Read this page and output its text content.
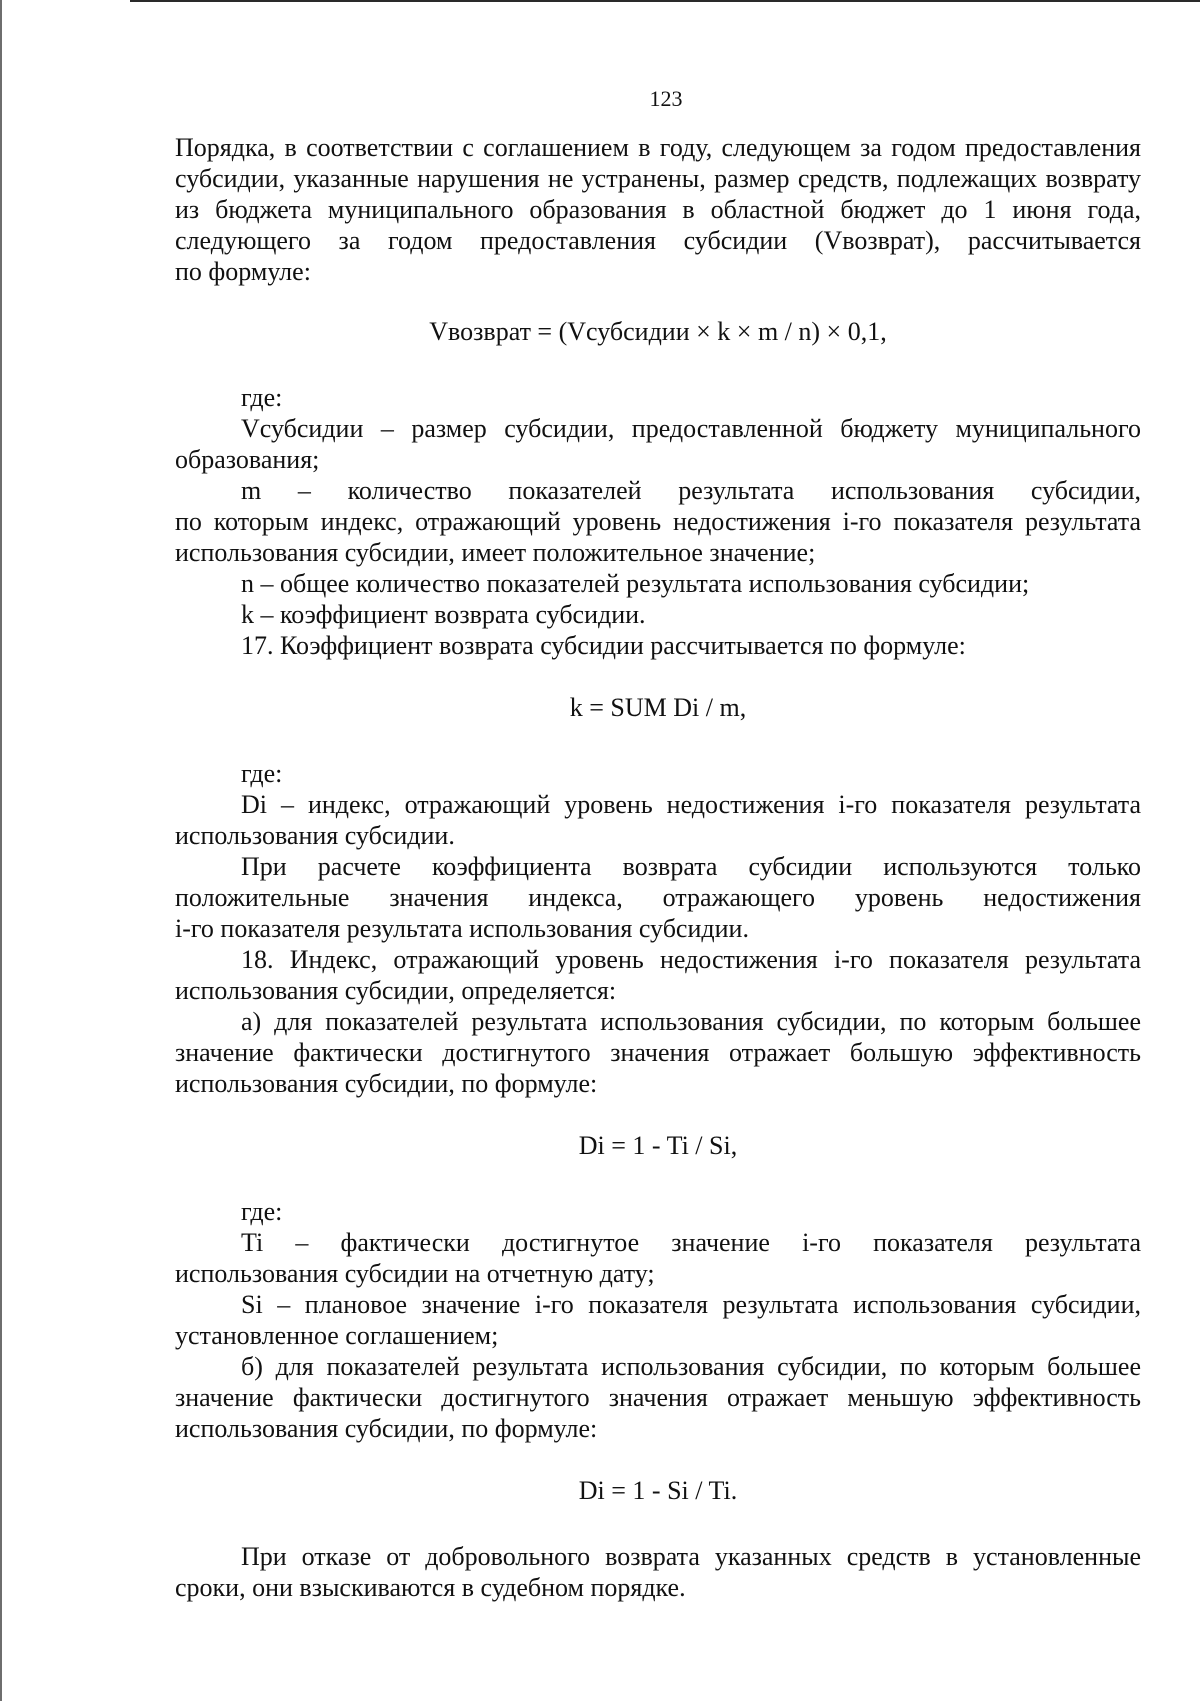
123

Порядка, в соответствии с соглашением в году, следующем за годом предоставления

субсидии, указанные нарушения не устранены, размер средств, подлежащих возврату

из бюджета муниципального образования в областной бюджет до 1 июня года,

следующего за годом предоставления субсидии (Vвозврат), рассчитывается

по формуле:

Vвозврат = (Vсубсидии × k × m / n) × 0,1,

где:

Vсубсидии – размер субсидии, предоставленной бюджету муниципального

образования;

m – количество показателей результата использования субсидии,

по которым индекс, отражающий уровень недостижения i-го показателя результата

использования субсидии, имеет положительное значение;

n – общее количество показателей результата использования субсидии;

k – коэффициент возврата субсидии.

17. Коэффициент возврата субсидии рассчитывается по формуле:

k = SUM Di / m,

где:

Di – индекс, отражающий уровень недостижения i-го показателя результата

использования субсидии.

При расчете коэффициента возврата субсидии используются только

положительные значения индекса, отражающего уровень недостижения

i-го показателя результата использования субсидии.

18. Индекс, отражающий уровень недостижения i-го показателя результата

использования субсидии, определяется:

а) для показателей результата использования субсидии, по которым большее

значение фактически достигнутого значения отражает большую эффективность

использования субсидии, по формуле:

Di = 1 - Ti / Si,

где:

Ti – фактически достигнутое значение i-го показателя результата

использования субсидии на отчетную дату;

Si – плановое значение i-го показателя результата использования субсидии,

установленное соглашением;

б) для показателей результата использования субсидии, по которым большее

значение фактически достигнутого значения отражает меньшую эффективность

использования субсидии, по формуле:

Di = 1 - Si / Ti.

При отказе от добровольного возврата указанных средств в установленные

сроки, они взыскиваются в судебном порядке.
